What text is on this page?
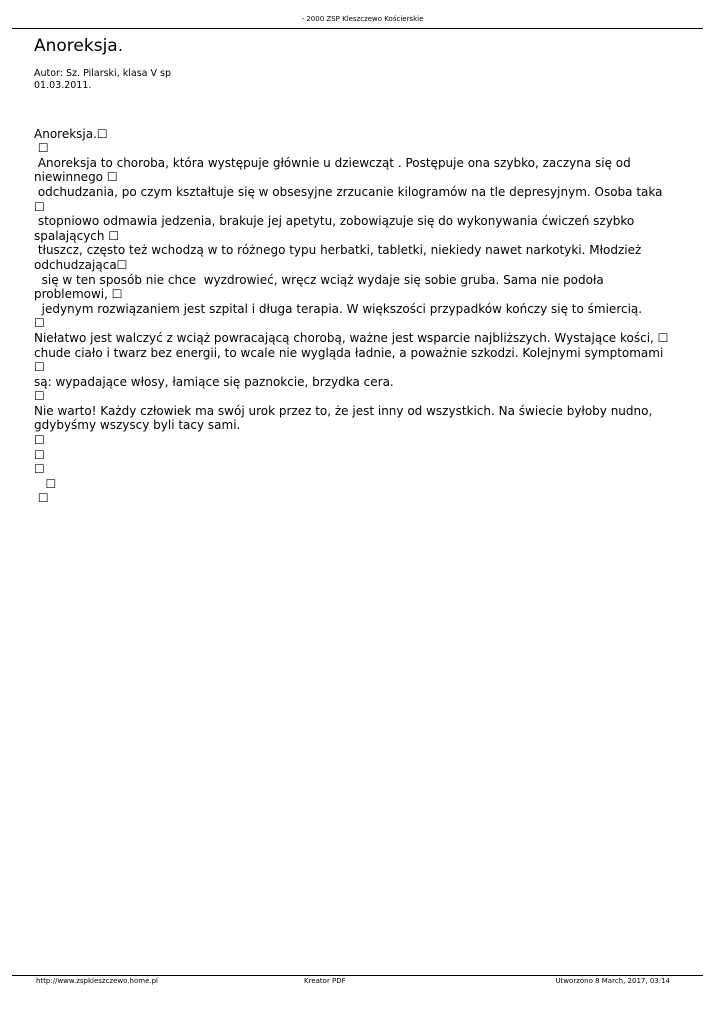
- 2000 ZSP Kleszczewo Kościerskie
Anoreksja.
Autor: Sz. Pilarski, klasa V sp
01.03.2011.
Anoreksja.☐
☐
Anoreksja to choroba, która występuje głównie u dziewcząt . Postępuje ona szybko, zaczyna się od
niewinnego ☐
odchudzania, po czym kształtuje się w obsesyjne zrzucanie kilogramów na tle depresyjnym. Osoba taka
☐
stopniowo odmawia jedzenia, brakuje jej apetytu, zobowiązuje się do wykonywania ćwiczeń szybko
spalających ☐
tłuszcz, często też wchodzą w to różnego typu herbatki, tabletki, niekiedy nawet narkotyki. Młodzież
odchudzająca☐
się w ten sposób nie chce  wyzdrowieć, wręcz wciąż wydaje się sobie gruba. Sama nie podoła
problemowi, ☐
jedynym rozwiązaniem jest szpital i długa terapia. W większości przypadków kończy się to śmiercią.
☐
Niełatwo jest walczyć z wciąż powracającą chorobą, ważne jest wsparcie najbliższych. Wystające kości, ☐
chude ciało i twarz bez energii, to wcale nie wygląda ładnie, a poważnie szkodzi. Kolejnymi symptomami
☐
są: wypadające włosy, łamiące się paznokcie, brzydka cera.
☐
Nie warto! Każdy człowiek ma swój urok przez to, że jest inny od wszystkich. Na świecie byłoby nudno,
gdybyśmy wszyscy byli tacy sami.
☐
☐
☐
☐
☐
http://www.zspkleszczewo.home.pl	Kreator PDF	Utworzono 8 March, 2017, 03:14
